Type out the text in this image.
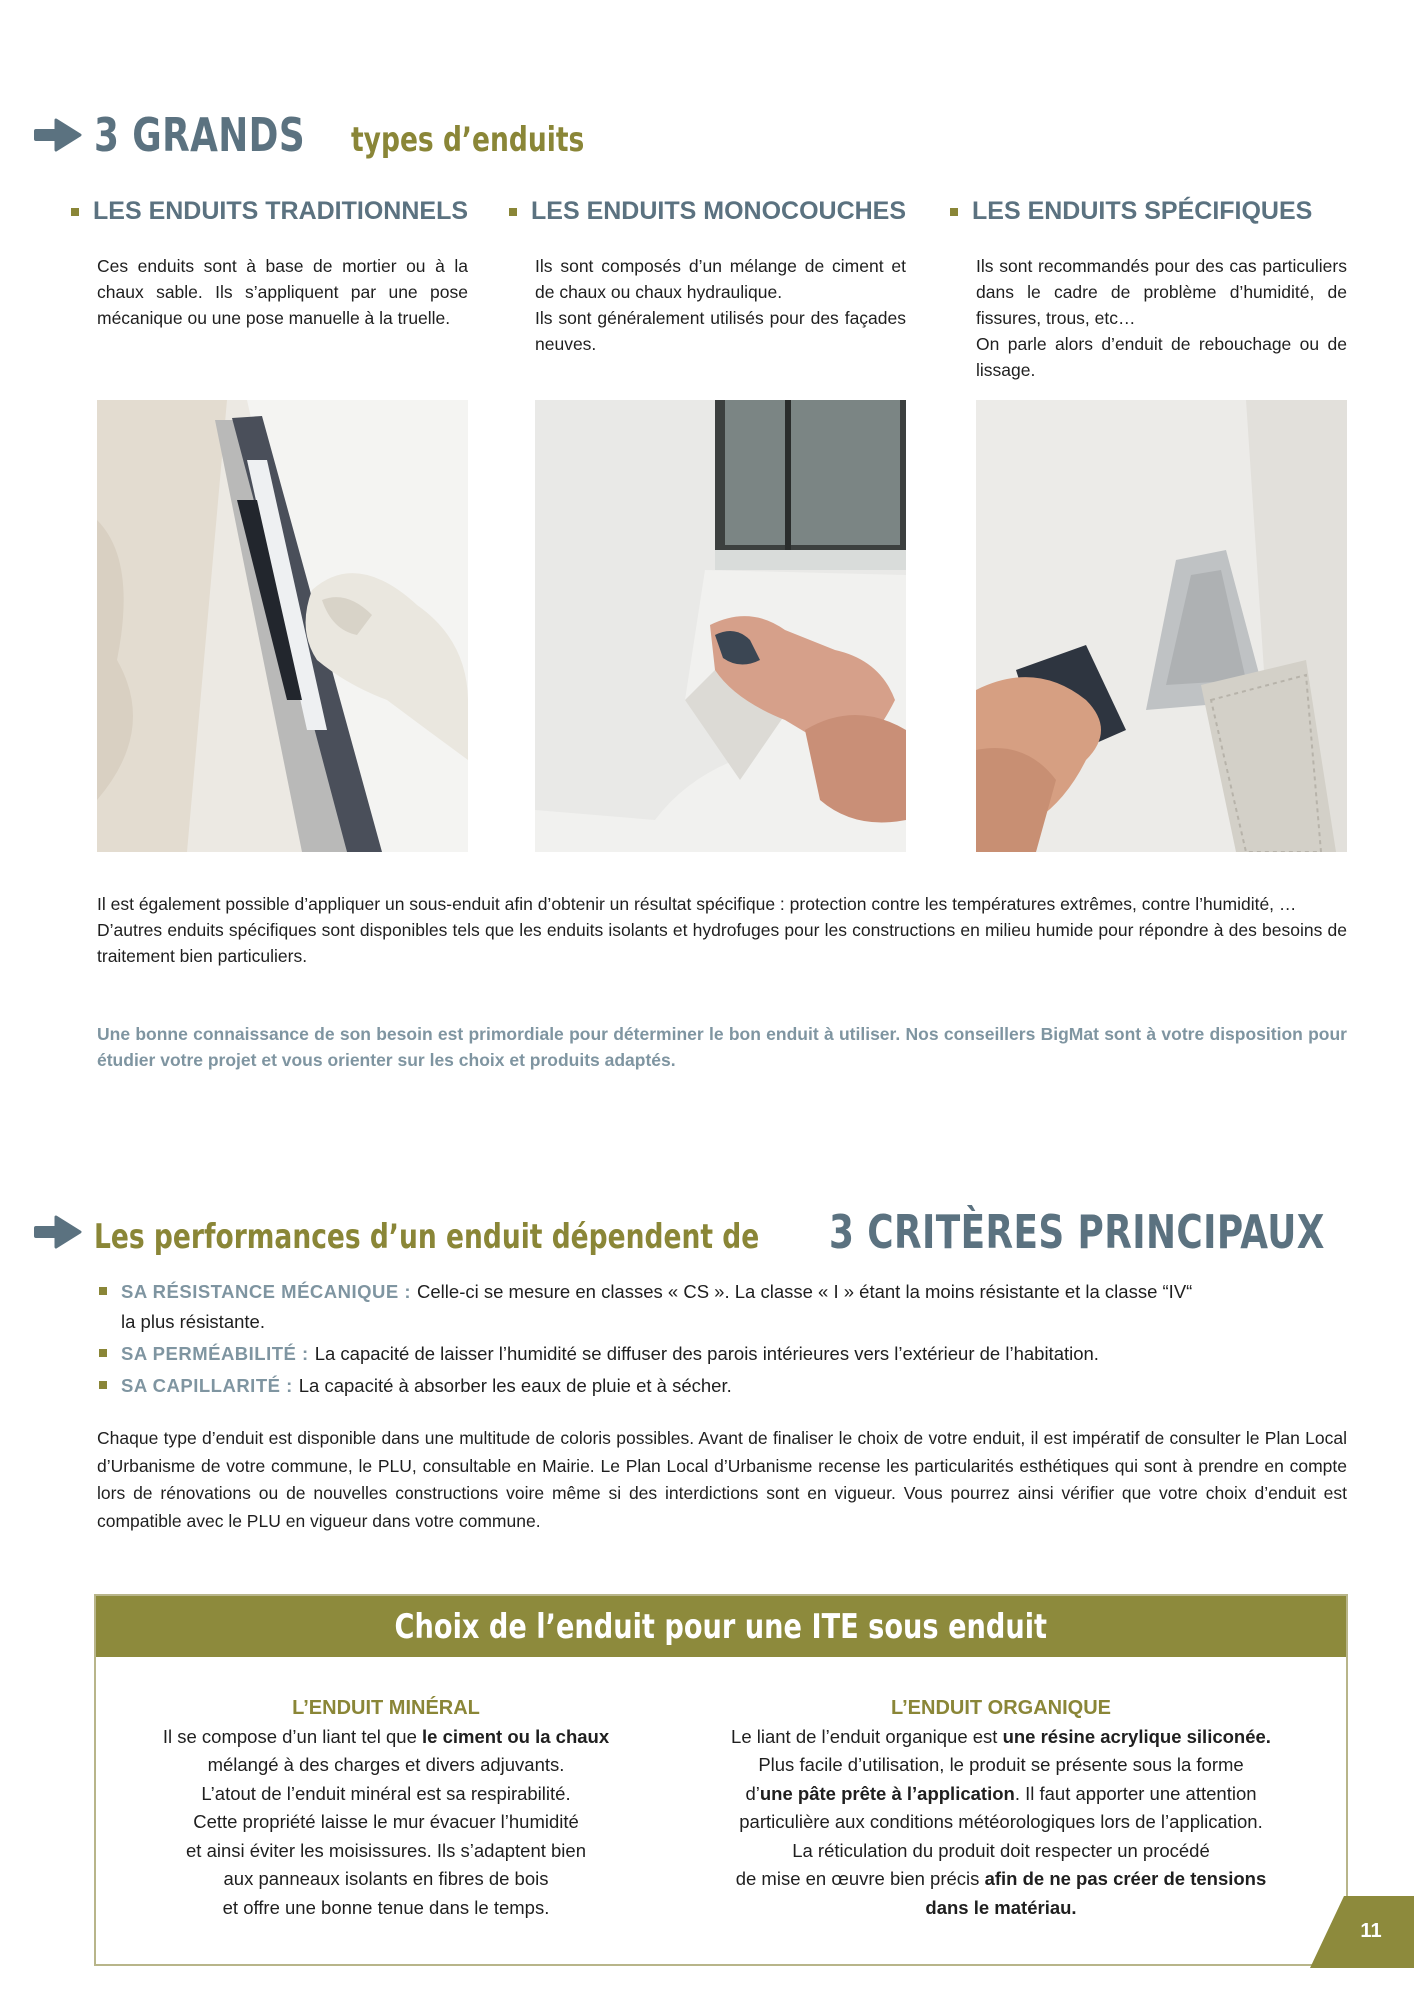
3 GRANDS types d’enduits
LES ENDUITS TRADITIONNELS	LES ENDUITS MONOCOUCHES	LES ENDUITS SPÉCIFIQUES

Ces enduits sont à base de mortier ou à la chaux sable. Ils s’appliquent par une pose mécanique ou une pose manuelle à la truelle.

Ils sont composés d’un mélange de ciment et de chaux ou chaux hydraulique.

Ils sont généralement utilisés pour des façades neuves.

Ils sont recommandés pour des cas particuliers dans le cadre de problème d’humidité, de fissures, trous, etc…

On parle alors d’enduit de rebouchage ou de lissage.

Il est également possible d’appliquer un sous-enduit afin d’obtenir un résultat spécifique : protection contre les températures extrêmes, contre l’humidité, …

D’autres enduits spécifiques sont disponibles tels que les enduits isolants et hydrofuges pour les constructions en milieu humide pour répondre à des besoins de traitement bien particuliers.

Une bonne connaissance de son besoin est primordiale pour déterminer le bon enduit à utiliser. Nos conseillers BigMat sont à votre disposition pour étudier votre projet et vous orienter sur les choix et produits adaptés.
Les performances d’un enduit dépendent de 3 CRITÈRES PRINCIPAUX
SA RÉSISTANCE MÉCANIQUE : Celle-ci se mesure en classes « CS ». La classe « I » étant la moins résistante et la classe “IV“
la plus résistante.
SA PERMÉABILITÉ : La capacité de laisser l’humidité se diffuser des parois intérieures vers l’extérieur de l’habitation.
SA CAPILLARITÉ : La capacité à absorber les eaux de pluie et à sécher.
Chaque type d’enduit est disponible dans une multitude de coloris possibles. Avant de finaliser le choix de votre enduit, il est impératif de consulter le Plan Local d’Urbanisme de votre commune, le PLU, consultable en Mairie. Le Plan Local d’Urbanisme recense les particularités esthétiques qui sont à prendre en compte lors de rénovations ou de nouvelles constructions voire même si des interdictions sont en vigueur. Vous pourrez ainsi vérifier que votre choix d’enduit est compatible avec le PLU en vigueur dans votre commune.
Choix de l’enduit pour une ITE sous enduit
L’ENDUIT MINÉRAL
Il se compose d’un liant tel que le ciment ou la chaux
mélangé à des charges et divers adjuvants.
L’atout de l’enduit minéral est sa respirabilité.
Cette propriété laisse le mur évacuer l’humidité
et ainsi éviter les moisissures. Ils s’adaptent bien
aux panneaux isolants en fibres de bois
et offre une bonne tenue dans le temps.
L’ENDUIT ORGANIQUE
Le liant de l’enduit organique est une résine acrylique siliconée.
Plus facile d’utilisation, le produit se présente sous la forme
d’une pâte prête à l’application. Il faut apporter une attention
particulière aux conditions météorologiques lors de l’application.
La réticulation du produit doit respecter un procédé
de mise en œuvre bien précis afin de ne pas créer de tensions
dans le matériau.
11
